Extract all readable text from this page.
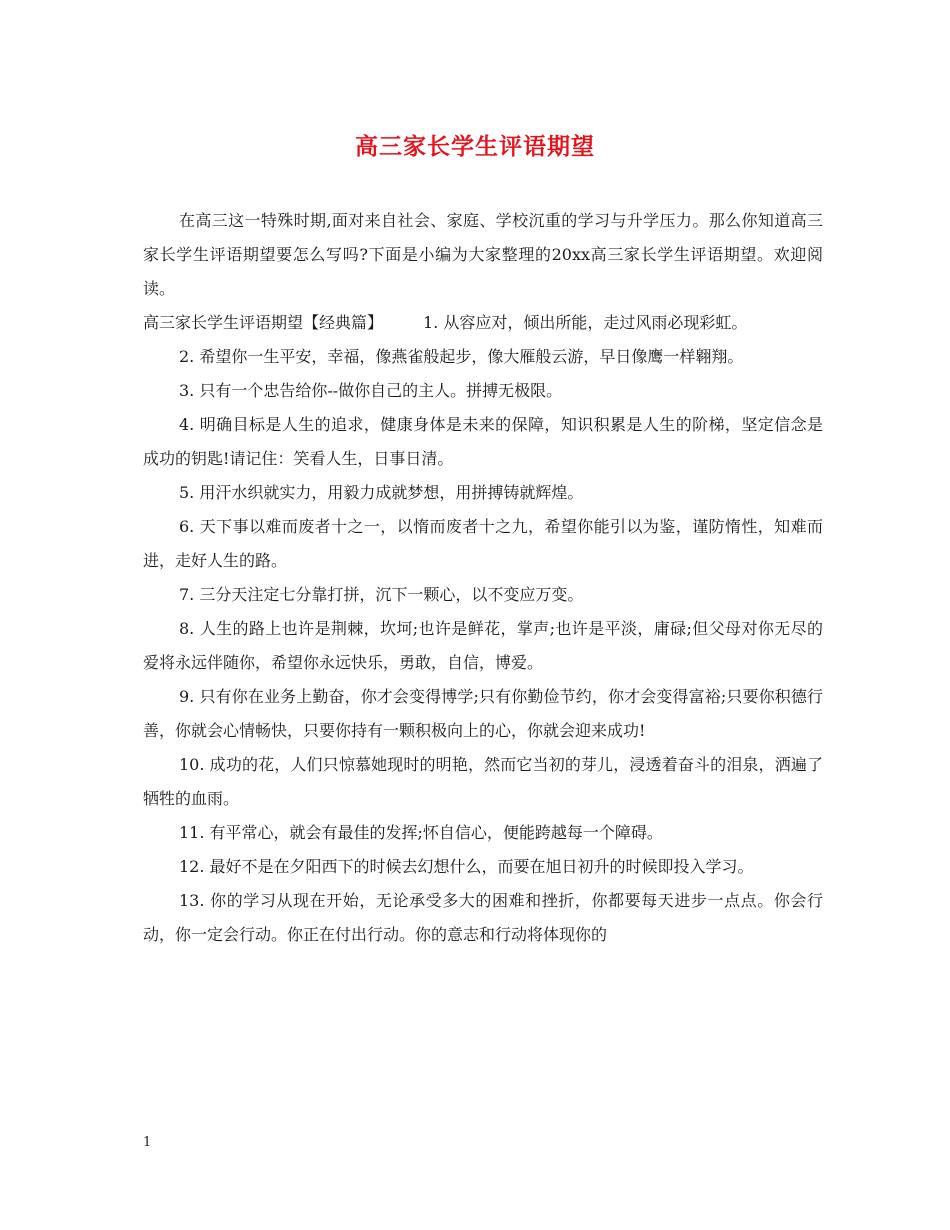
高三家长学生评语期望

在高三这一特殊时期,面对来自社会、家庭、学校沉重的学习与升学压力。那么你知道高三家长学生评语期望要怎么写吗?下面是小编为大家整理的20xx高三家长学生评语期望。欢迎阅读。

高三家长学生评语期望【经典篇】	1. 从容应对，倾出所能，走过风雨必现彩虹。

2. 希望你一生平安，幸福，像燕雀般起步，像大雁般云游，早日像鹰一样翱翔。

3. 只有一个忠告给你--做你自己的主人。拼搏无极限。

4. 明确目标是人生的追求，健康身体是未来的保障，知识积累是人生的阶梯，坚定信念是成功的钥匙!请记住：笑看人生，日事日清。

5. 用汗水织就实力，用毅力成就梦想，用拼搏铸就辉煌。

6. 天下事以难而废者十之一，以惰而废者十之九，希望你能引以为鉴，谨防惰性，知难而进，走好人生的路。

7. 三分天注定七分靠打拼，沉下一颗心，以不变应万变。

8. 人生的路上也许是荆棘，坎坷;也许是鲜花，掌声;也许是平淡，庸碌;但父母对你无尽的爱将永远伴随你，希望你永远快乐，勇敢，自信，博爱。

9. 只有你在业务上勤奋，你才会变得博学;只有你勤俭节约，你才会变得富裕;只要你积德行善，你就会心情畅快，只要你持有一颗积极向上的心，你就会迎来成功!

10. 成功的花，人们只惊慕她现时的明艳，然而它当初的芽儿，浸透着奋斗的泪泉，洒遍了牺牲的血雨。

11. 有平常心，就会有最佳的发挥;怀自信心，便能跨越每一个障碍。

12. 最好不是在夕阳西下的时候去幻想什么，而要在旭日初升的时候即投入学习。

13. 你的学习从现在开始，无论承受多大的困难和挫折，你都要每天进步一点点。你会行动，你一定会行动。你正在付出行动。你的意志和行动将体现你的

1
